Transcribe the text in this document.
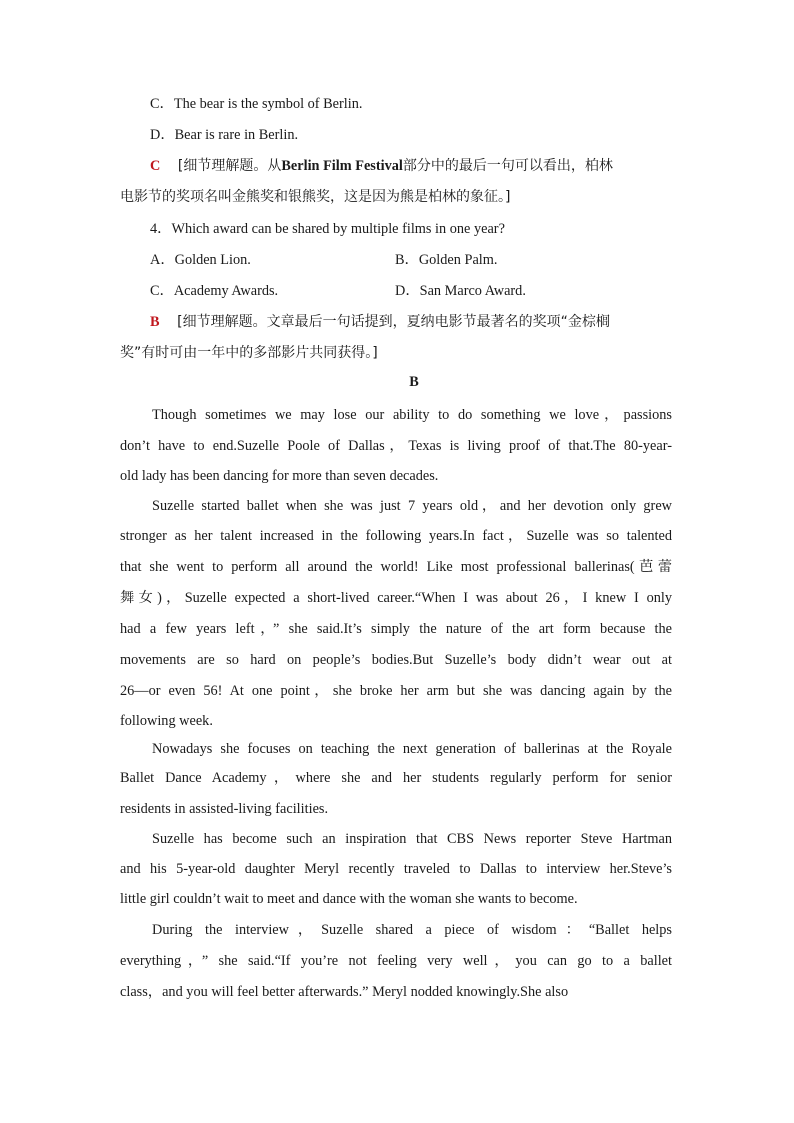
C．The bear is the symbol of Berlin.
D．Bear is rare in Berlin.
C [细节理解题。从Berlin Film Festival部分中的最后一句可以看出，柏林
电影节的奖项名叫金熊奖和银熊奖，这是因为熊是柏林的象征。]
4．Which award can be shared by multiple films in one year?
A．Golden Lion.	B．Golden Palm.
C．Academy Awards.	D．San Marco Award.
B [细节理解题。文章最后一句话提到，夏纳电影节最著名的奖项“金棕榈
奖”有时可由一年中的多部影片共同获得。]
B
Though sometimes we may lose our ability to do something we love，passions
don’t have to end.Suzelle Poole of Dallas，Texas is living proof of that.The 80-year-
old lady has been dancing for more than seven decades.
Suzelle started ballet when she was just 7 years old，and her devotion only grew
stronger as her talent increased in the following years.In fact，Suzelle was so talented
that she went to perform all around the world! Like most professional ballerinas(芭蕾
舞女)，Suzelle expected a short-lived career.“When I was about 26，I knew I only
had a few years left，” she said.It’s simply the nature of the art form because the
movements are so hard on people’s bodies.But Suzelle’s body didn’t wear out at
26—or even 56! At one point，she broke her arm but she was dancing again by the
following week.
Nowadays she focuses on teaching the next generation of ballerinas at the Royale
Ballet Dance Academy，where she and her students regularly perform for senior
residents in assisted-living facilities.
Suzelle has become such an inspiration that CBS News reporter Steve Hartman
and his 5-year-old daughter Meryl recently traveled to Dallas to interview her.Steve’s
little girl couldn’t wait to meet and dance with the woman she wants to become.
During the interview，Suzelle shared a piece of wisdom：“Ballet helps
everything，” she said.“If you’re not feeling very well，you can go to a ballet
class，and you will feel better afterwards.” Meryl nodded knowingly.She also
